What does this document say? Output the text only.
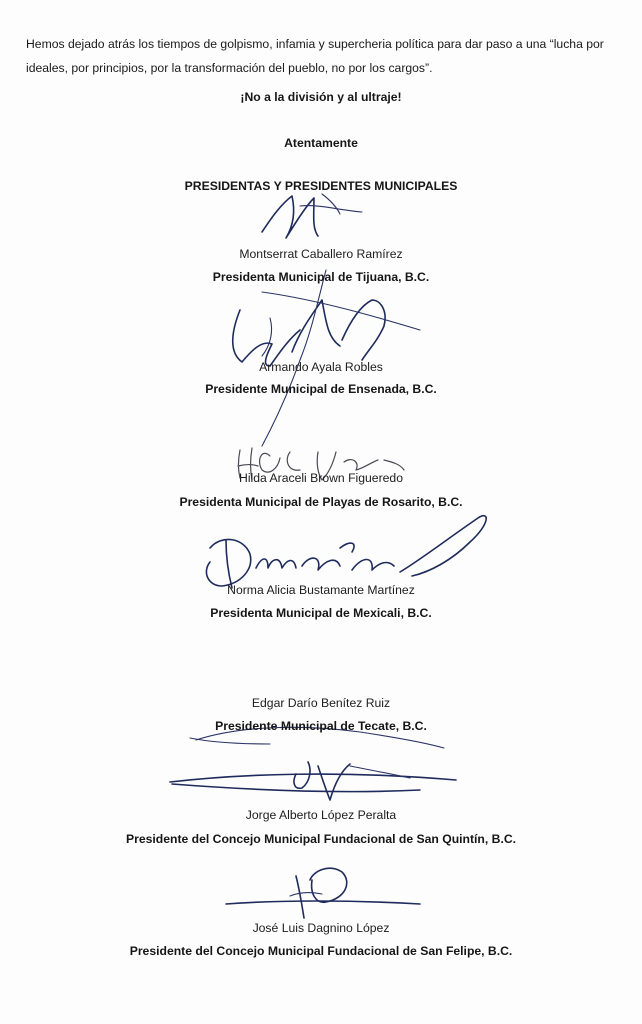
Hemos dejado atrás los tiempos de golpismo, infamia y supercheria política para dar paso a una “lucha por ideales, por principios, por la transformación del pueblo, no por los cargos”.

¡No a la división y al ultraje!
Atentamente
PRESIDENTAS Y PRESIDENTES MUNICIPALES
Montserrat Caballero Ramírez
Presidenta Municipal de Tijuana, B.C.
Armando Ayala Robles
Presidente Municipal de Ensenada, B.C.
Hilda Araceli Brown Figueredo
Presidenta Municipal de Playas de Rosarito, B.C.
Norma Alicia Bustamante Martínez
Presidenta Municipal de Mexicali, B.C.
Edgar Darío Benítez Ruiz
Presidente Municipal de Tecate, B.C.
Jorge Alberto López Peralta
Presidente del Concejo Municipal Fundacional de San Quintín, B.C.
José Luis Dagnino López
Presidente del Concejo Municipal Fundacional de San Felipe, B.C.
